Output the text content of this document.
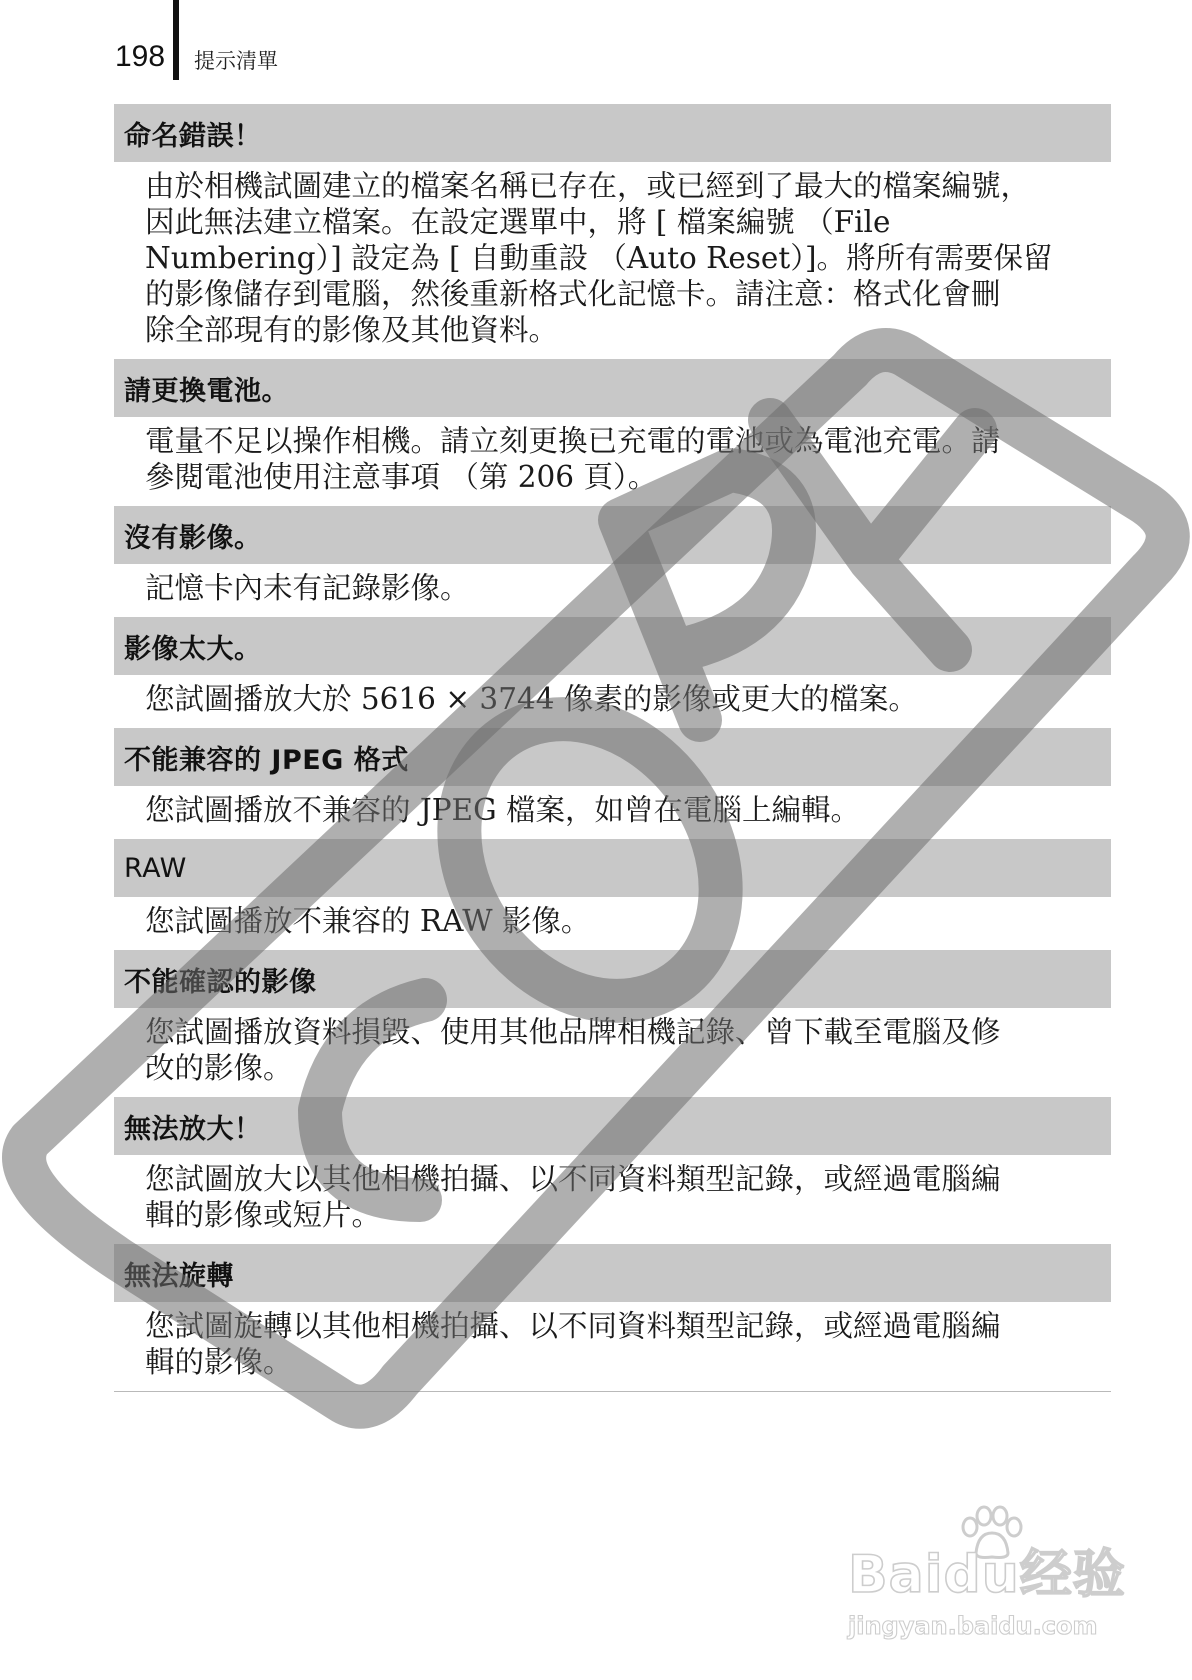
198 提示清單
命名錯誤！

由於相機試圖建立的檔案名稱已存在，或已經到了最大的檔案編號，
因此無法建立檔案。在設定選單中，將 [ 檔案編號 （File
Numbering）] 設定為 [ 自動重設 （Auto Reset）]。將所有需要保留
的影像儲存到電腦，然後重新格式化記憶卡。請注意：格式化會刪
除全部現有的影像及其他資料。

請更換電池。

電量不足以操作相機。請立刻更換已充電的電池或為電池充電。請
參閱電池使用注意事項 （第 206 頁）。

沒有影像。

記憶卡內未有記錄影像。

影像太大。

您試圖播放大於 5616 × 3744 像素的影像或更大的檔案。

不能兼容的 JPEG 格式

您試圖播放不兼容的 JPEG 檔案，如曾在電腦上編輯。

RAW

您試圖播放不兼容的 RAW 影像。

不能確認的影像

您試圖播放資料損毀、使用其他品牌相機記錄、曾下載至電腦及修
改的影像。

無法放大！

您試圖放大以其他相機拍攝、以不同資料類型記錄，或經過電腦編
輯的影像或短片。

無法旋轉

您試圖旋轉以其他相機拍攝、以不同資料類型記錄，或經過電腦編
輯的影像。

Baidu经验
jingyan.baidu.com
